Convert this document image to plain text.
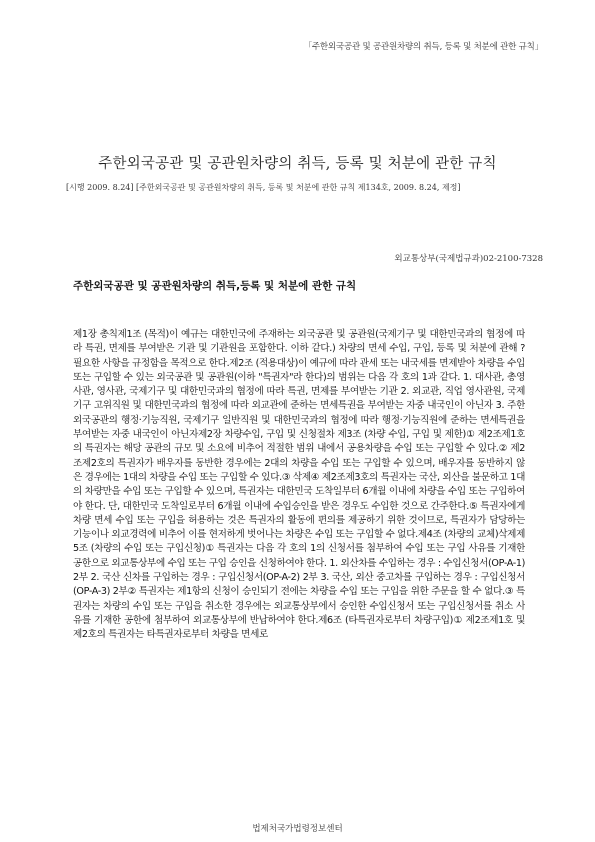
「주한외국공관 및 공관원차량의 취득, 등록 및 처분에 관한 규칙」
주한외국공관 및 공관원차량의 취득, 등록 및 처분에 관한 규칙
[시행 2009. 8.24] [주한외국공관 및 공관원차량의 취득, 등록 및 처분에 관한 규칙 제134호, 2009. 8.24, 제정]
외교통상부(국제법규과)02-2100-7328
주한외국공관 및 공관원차량의 취득,등록 및 처분에 관한 규칙
제1장 총칙제1조 (목적)이 예규는 대한민국에 주재하는 외국공관 및 공관원(국제기구 및 대한민국과의 협정에 따라 특권, 면제를 부여받은 기관 및 기관원을 포함한다. 이하 같다.) 차량의 면세 수입, 구입, 등록 및 처분에 관해 ?필요한 사항을 규정함을 목적으로 한다.제2조 (적용대상)이 예규에 따라 관세 또는 내국세를 면제받아 차량을 수입 또는 구입할 수 있는 외국공관 및 공관원(이하 "특권자"라 한다)의 범위는 다음 각 호의 1과 같다. 1. 대사관, 총영사관, 영사관, 국제기구 및 대한민국과의 협정에 따라 특권, 면제를 부여받는 기관 2. 외교관, 직업 영사관원, 국제기구 고위직원 및 대한민국과의 협정에 따라 외교관에 준하는 면세특권을 부여받는 자중 내국인이 아닌자 3. 주한 외국공관의 행정·기능직원, 국제기구 일반직원 및 대한민국과의 협정에 따라 행정·기능직원에 준하는 면세특권을 부여받는 자중 내국인이 아닌자제2장 차량수입, 구입 및 신청절차 제3조 (차량 수입, 구입 및 제한)① 제2조제1호의 특권자는 해당 공관의 규모 및 소요에 비추어 적절한 범위 내에서 공용차량을 수입 또는 구입할 수 있다.② 제2조제2호의 특권자가 배우자를 동반한 경우에는 2대의 차량을 수입 또는 구입할 수 있으며, 배우자를 동반하지 않은 경우에는 1대의 차량을 수입 또는 구입할 수 있다.③ 삭제④ 제2조제3호의 특권자는 국산, 외산을 불문하고 1대의 차량만을 수입 또는 구입할 수 있으며, 특권자는 대한민국 도착일부터 6개월 이내에 차량을 수입 또는 구입하여야 한다. 단, 대한민국 도착일로부터 6개월 이내에 수입승인을 받은 경우도 수입한 것으로 간주한다.⑤ 특권자에게 차량 면세 수입 또는 구입을 허용하는 것은 특권자의 활동에 편의를 제공하기 위한 것이므로, 특권자가 담당하는 기능이나 외교경력에 비추어 이를 현저하게 벗어나는 차량은 수입 또는 구입할 수 없다.제4조 (차량의 교체)삭제제5조 (차량의 수입 또는 구입신청)① 특권자는 다음 각 호의 1의 신청서를 첨부하여 수입 또는 구입 사유를 기재한 공한으로 외교통상부에 수입 또는 구입 승인을 신청하여야 한다. 1. 외산차를 수입하는 경우 : 수입신청서(OP-A-1) 2부 2. 국산 신차를 구입하는 경우 : 구입신청서(OP-A-2) 2부 3. 국산, 외산 중고차를 구입하는 경우 : 구입신청서 (OP-A-3) 2부② 특권자는 제1항의 신청이 승인되기 전에는 차량을 수입 또는 구입을 위한 주문을 할 수 없다.③ 특권자는 차량의 수입 또는 구입을 취소한 경우에는 외교통상부에서 승인한 수입신청서 또는 구입신청서를 취소 사유를 기재한 공한에 첨부하여 외교통상부에 반납하여야 한다.제6조 (타특권자로부터 차량구입)① 제2조제1호 및 제2호의 특권자는 타특권자로부터 차량을 면세로
법제처국가법령정보센터
